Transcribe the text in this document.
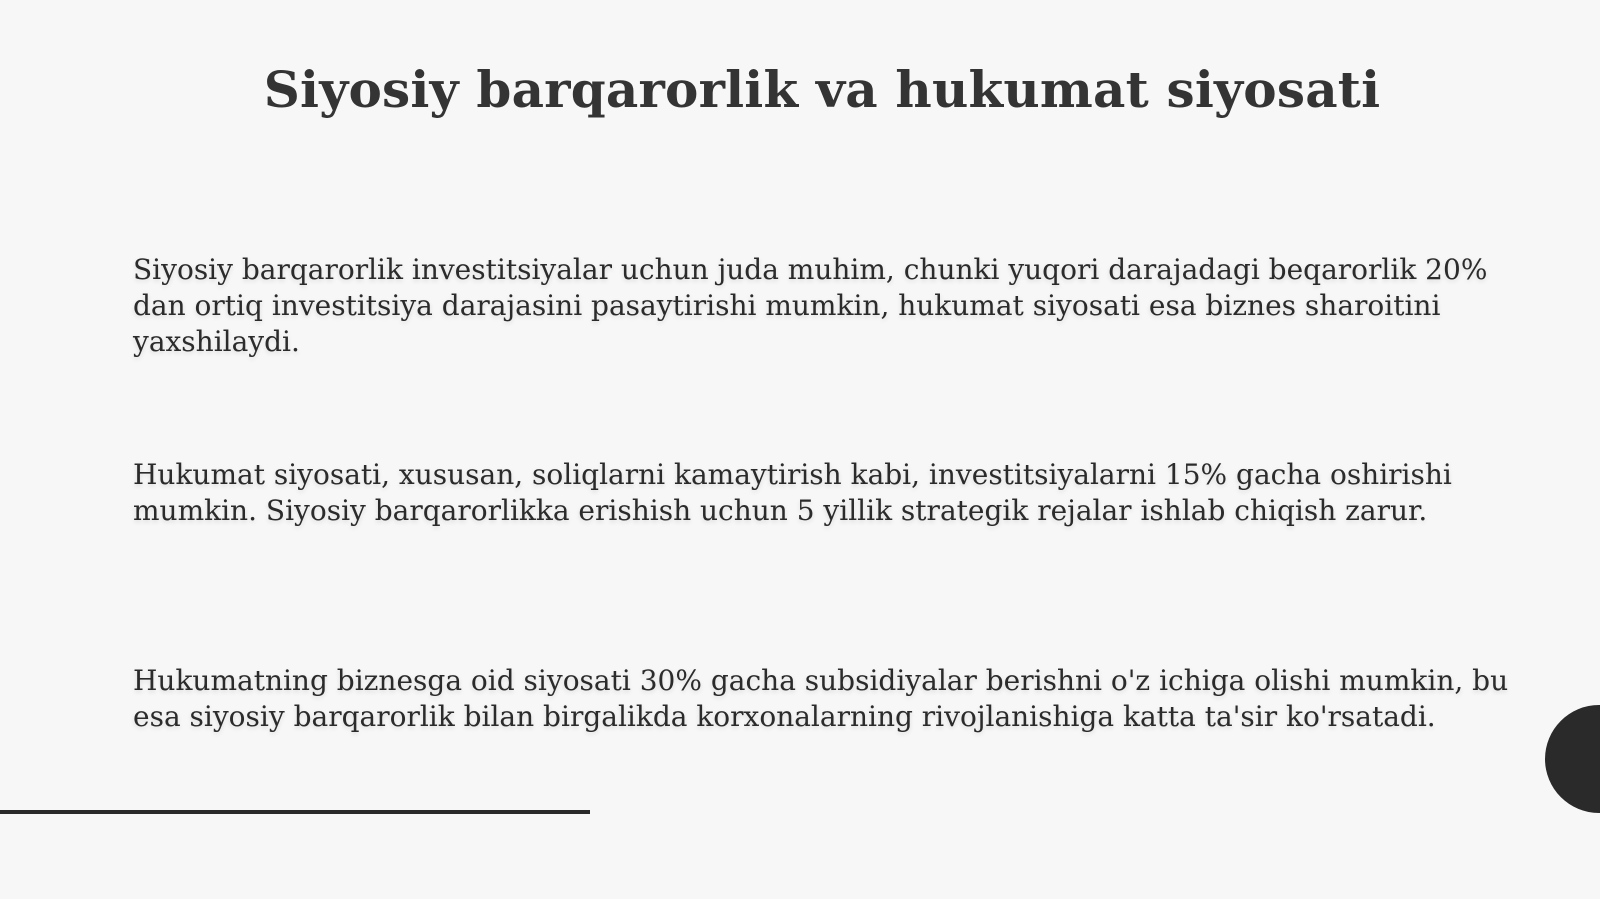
Siyosiy barqarorlik va hukumat siyosati

Siyosiy barqarorlik investitsiyalar uchun juda muhim, chunki yuqori darajadagi beqarorlik 20% dan ortiq investitsiya darajasini pasaytirishi mumkin, hukumat siyosati esa biznes sharoitini yaxshilaydi.

Hukumat siyosati, xususan, soliqlarni kamaytirish kabi, investitsiyalarni 15% gacha oshirishi mumkin. Siyosiy barqarorlikka erishish uchun 5 yillik strategik rejalar ishlab chiqish zarur.

Hukumatning biznesga oid siyosati 30% gacha subsidiyalar berishni o'z ichiga olishi mumkin, bu esa siyosiy barqarorlik bilan birgalikda korxonalarning rivojlanishiga katta ta'sir ko'rsatadi.
